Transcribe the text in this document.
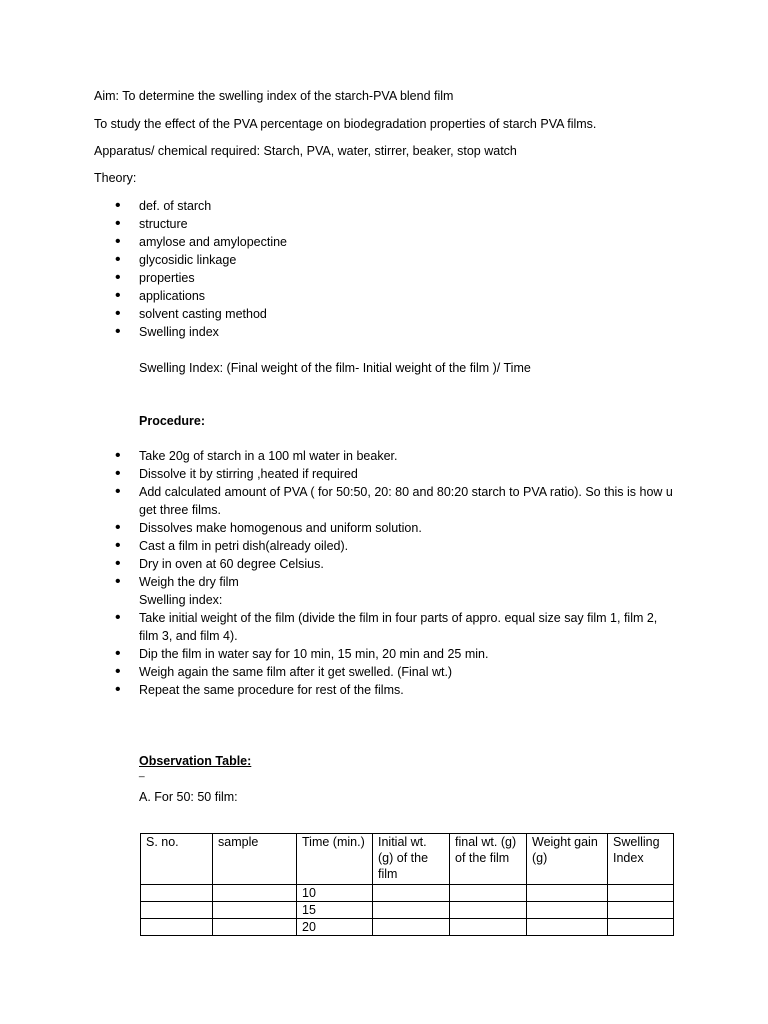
Aim: To determine the swelling index of the starch-PVA blend film
To study the effect of the PVA percentage on biodegradation properties of starch PVA films.
Apparatus/ chemical required: Starch, PVA, water, stirrer, beaker, stop watch
Theory:
• def. of starch
• structure
• amylose and amylopectine
• glycosidic linkage
• properties
• applications
• solvent casting method
• Swelling index
Swelling Index: (Final weight of the film- Initial weight of the film )/ Time
Procedure:
• Take 20g of starch in a 100 ml water in beaker.
• Dissolve it by stirring ,heated if required
• Add calculated amount of PVA ( for 50:50, 20: 80 and 80:20 starch to PVA ratio). So this is how u get three films.
• Dissolves make homogenous and uniform solution.
• Cast a film in petri dish(already oiled).
• Dry in oven at 60 degree Celsius.
• Weigh the dry film
Swelling index:
• Take initial weight of the film (divide the film in four parts of appro. equal size say film 1, film 2, film 3, and film 4).
• Dip the film in water say for 10 min, 15 min, 20 min and 25 min.
• Weigh again the same film after it get swelled. (Final wt.)
• Repeat the same procedure for rest of the films.
Observation Table:
_
A. For 50: 50 film:
S. no.	sample	Time (min.)	Initial wt. (g) of the film	final wt. (g) of the film	Weight gain (g)	Swelling Index
		10				
		15				
		20				
